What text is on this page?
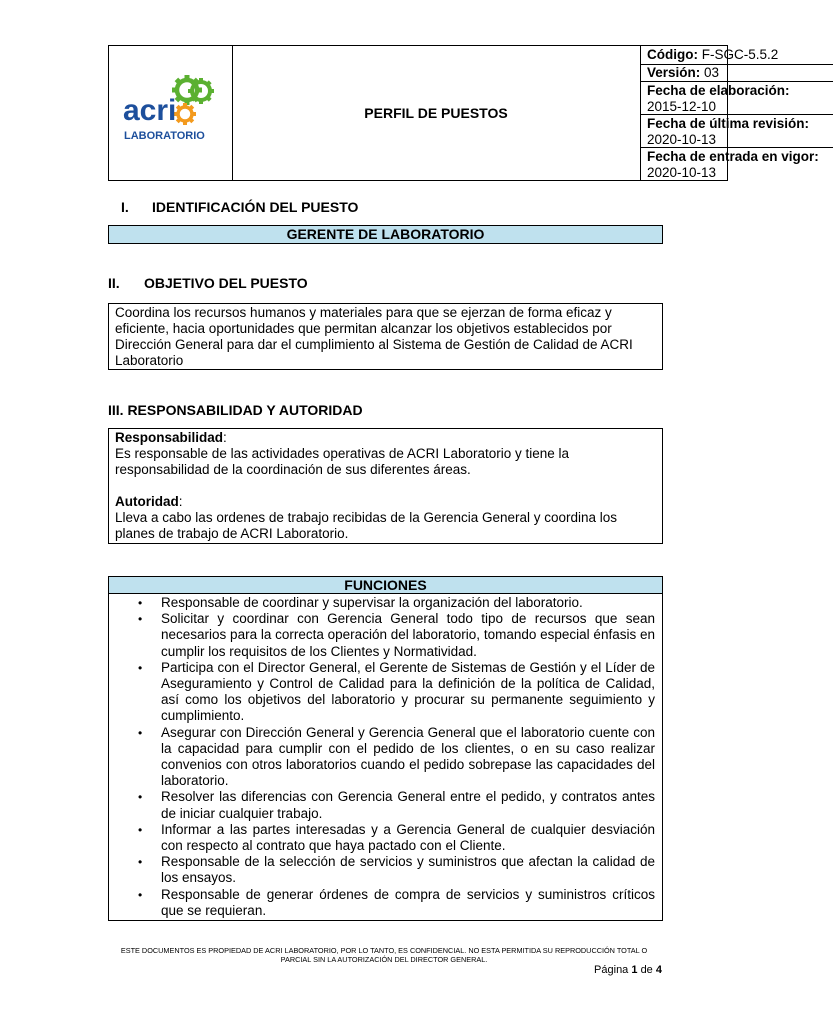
acri
LABORATORIO
PERFIL DE PUESTOS
Código: F-SGC-5.5.2
Versión: 03
Fecha de elaboración:
2015-12-10
Fecha de última revisión:
2020-10-13
Fecha de entrada en vigor:
2020-10-13
I. IDENTIFICACIÓN DEL PUESTO
GERENTE DE LABORATORIO
II. OBJETIVO DEL PUESTO
Coordina los recursos humanos y materiales para que se ejerzan de forma eficaz y eficiente, hacia oportunidades que permitan alcanzar los objetivos establecidos por Dirección General para dar el cumplimiento al Sistema de Gestión de Calidad de ACRI Laboratorio
III. RESPONSABILIDAD Y AUTORIDAD
Responsabilidad:
Es responsable de las actividades operativas de ACRI Laboratorio y tiene la responsabilidad de la coordinación de sus diferentes áreas.
Autoridad:
Lleva a cabo las ordenes de trabajo recibidas de la Gerencia General y coordina los planes de trabajo de ACRI Laboratorio.
FUNCIONES
• Responsable de coordinar y supervisar la organización del laboratorio.
• Solicitar y coordinar con Gerencia General todo tipo de recursos que sean necesarios para la correcta operación del laboratorio, tomando especial énfasis en cumplir los requisitos de los Clientes y Normatividad.
• Participa con el Director General, el Gerente de Sistemas de Gestión y el Líder de Aseguramiento y Control de Calidad para la definición de la política de Calidad, así como los objetivos del laboratorio y procurar su permanente seguimiento y cumplimiento.
• Asegurar con Dirección General y Gerencia General que el laboratorio cuente con la capacidad para cumplir con el pedido de los clientes, o en su caso realizar convenios con otros laboratorios cuando el pedido sobrepase las capacidades del laboratorio.
• Resolver las diferencias con Gerencia General entre el pedido, y contratos antes de iniciar cualquier trabajo.
• Informar a las partes interesadas y a Gerencia General de cualquier desviación con respecto al contrato que haya pactado con el Cliente.
• Responsable de la selección de servicios y suministros que afectan la calidad de los ensayos.
• Responsable de generar órdenes de compra de servicios y suministros críticos que se requieran.
ESTE DOCUMENTOS ES PROPIEDAD DE ACRI LABORATORIO, POR LO TANTO, ES CONFIDENCIAL. NO ESTA PERMITIDA SU REPRODUCCIÓN TOTAL O
PARCIAL SIN LA AUTORIZACIÓN DEL DIRECTOR GENERAL.
Página 1 de 4
